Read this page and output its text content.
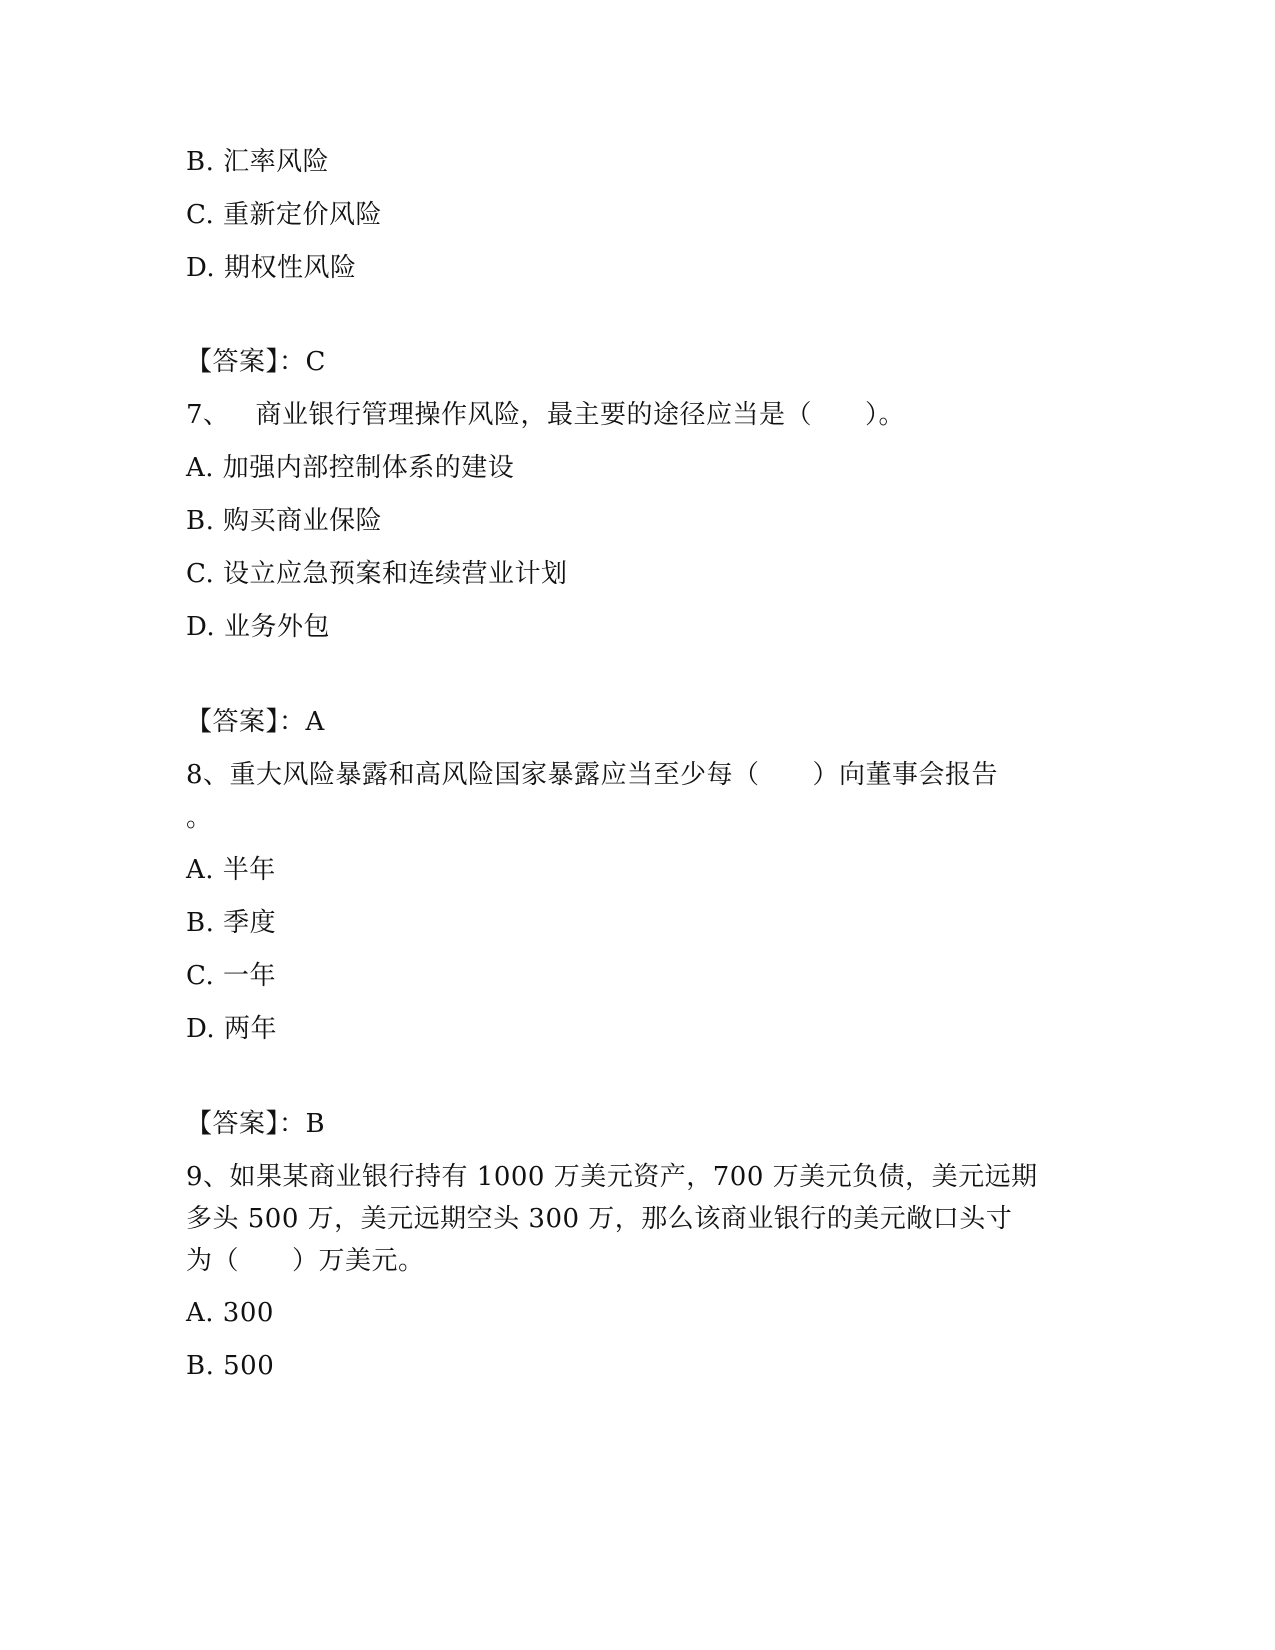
B. 汇率风险
C. 重新定价风险
D. 期权性风险
【答案】：C
7、 商业银行管理操作风险，最主要的途径应当是（　　）。
A. 加强内部控制体系的建设
B. 购买商业保险
C. 设立应急预案和连续营业计划
D. 业务外包
【答案】：A
8、重大风险暴露和高风险国家暴露应当至少每（　　）向董事会报告
。
A. 半年
B. 季度
C. 一年
D. 两年
【答案】：B
9、如果某商业银行持有 1000 万美元资产，700 万美元负债，美元远期
多头 500 万，美元远期空头 300 万，那么该商业银行的美元敞口头寸
为（　　）万美元。
A. 300
B. 500
